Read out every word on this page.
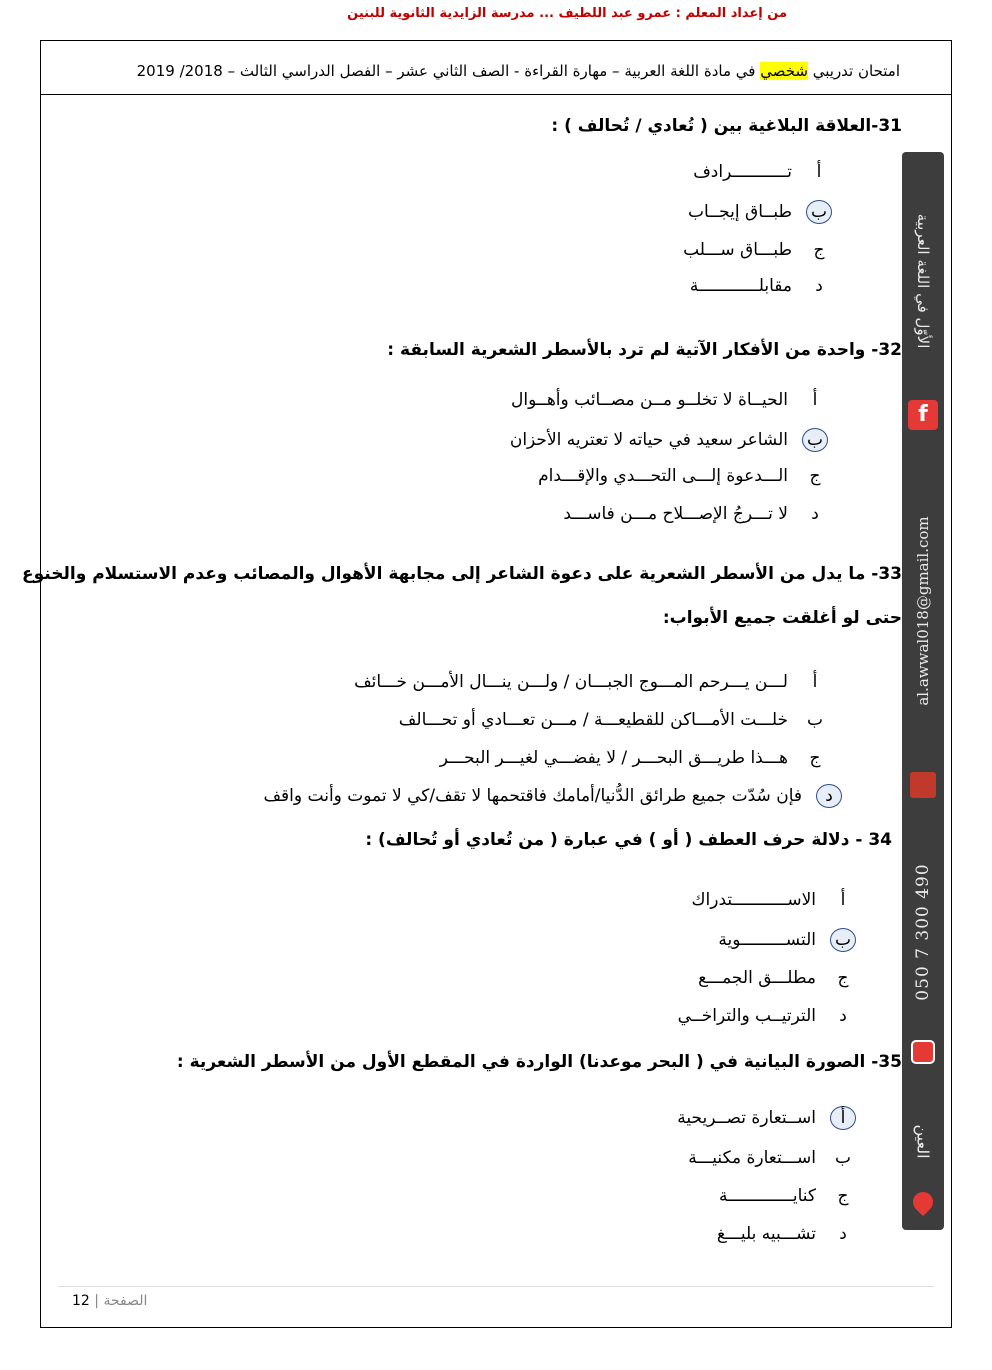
امتحان تدريبي شخصي في مادة اللغة العربية – مهارة القراءة - الصف الثاني عشر – الفصل الدراسي الثالث – 2018/ 2019
31-العلاقة البلاغية بين ( تُعادي / تُحالف ) :
أ
تـــــــــــرادف
ب
طبــاق إيجــاب
ج
طبـــاق ســـلب
د
مقابلــــــــــــة
32- واحدة من الأفكار الآتية لم ترد بالأسطر الشعرية السابقة :
أ
الحيــاة لا تخلــو مــن مصــائب وأهــوال
ب
الشاعر سعيد في حياته لا تعتريه الأحزان
ج
الـــدعوة إلـــى التحـــدي والإقـــدام
د
لا تـــرجُ الإصـــلاح مـــن فاســـد
33- ما يدل من الأسطر الشعرية على دعوة الشاعر إلى مجابهة الأهوال والمصائب وعدم الاستسلام والخنوع
حتى لو أغلقت جميع الأبواب:
أ
لـــن يـــرحم المـــوج الجبـــان / ولـــن ينـــال الأمـــن خـــائف
ب
خلـــت الأمـــاكن للقطيعـــة / مـــن تعـــادي أو تحـــالف
ج
هـــذا طريـــق البحـــر / لا يفضـــي لغيـــر البحـــر
د
فإن سُدّت جميع طرائق الدُّنيا/أمامك فاقتحمها لا تقف/كي لا تموت وأنت واقف
34 - دلالة حرف العطف ( أو ) في عبارة ( من تُعادي أو تُحالف) :
أ
الاســـــــــــتدراك
ب
التســـــــــوية
ج
مطلـــق الجمـــع
د
الترتيــب والتراخــي
35- الصورة البيانية في ( البحر موعدنا) الواردة في المقطع الأول من الأسطر الشعرية :
أ
اســتعارة تصــريحية
ب
اســـتعارة مكنيـــة
ج
كنايـــــــــــــة
د
تشـــبيه بليـــغ
الأوّل في اللغة العربية
f
al.awwal018@gmail.com
050 7 300 490
العين
من إعداد المعلم : عمرو عبد اللطيف ... مدرسة الزايدية الثانوية للبنين
الصفحة | 12
